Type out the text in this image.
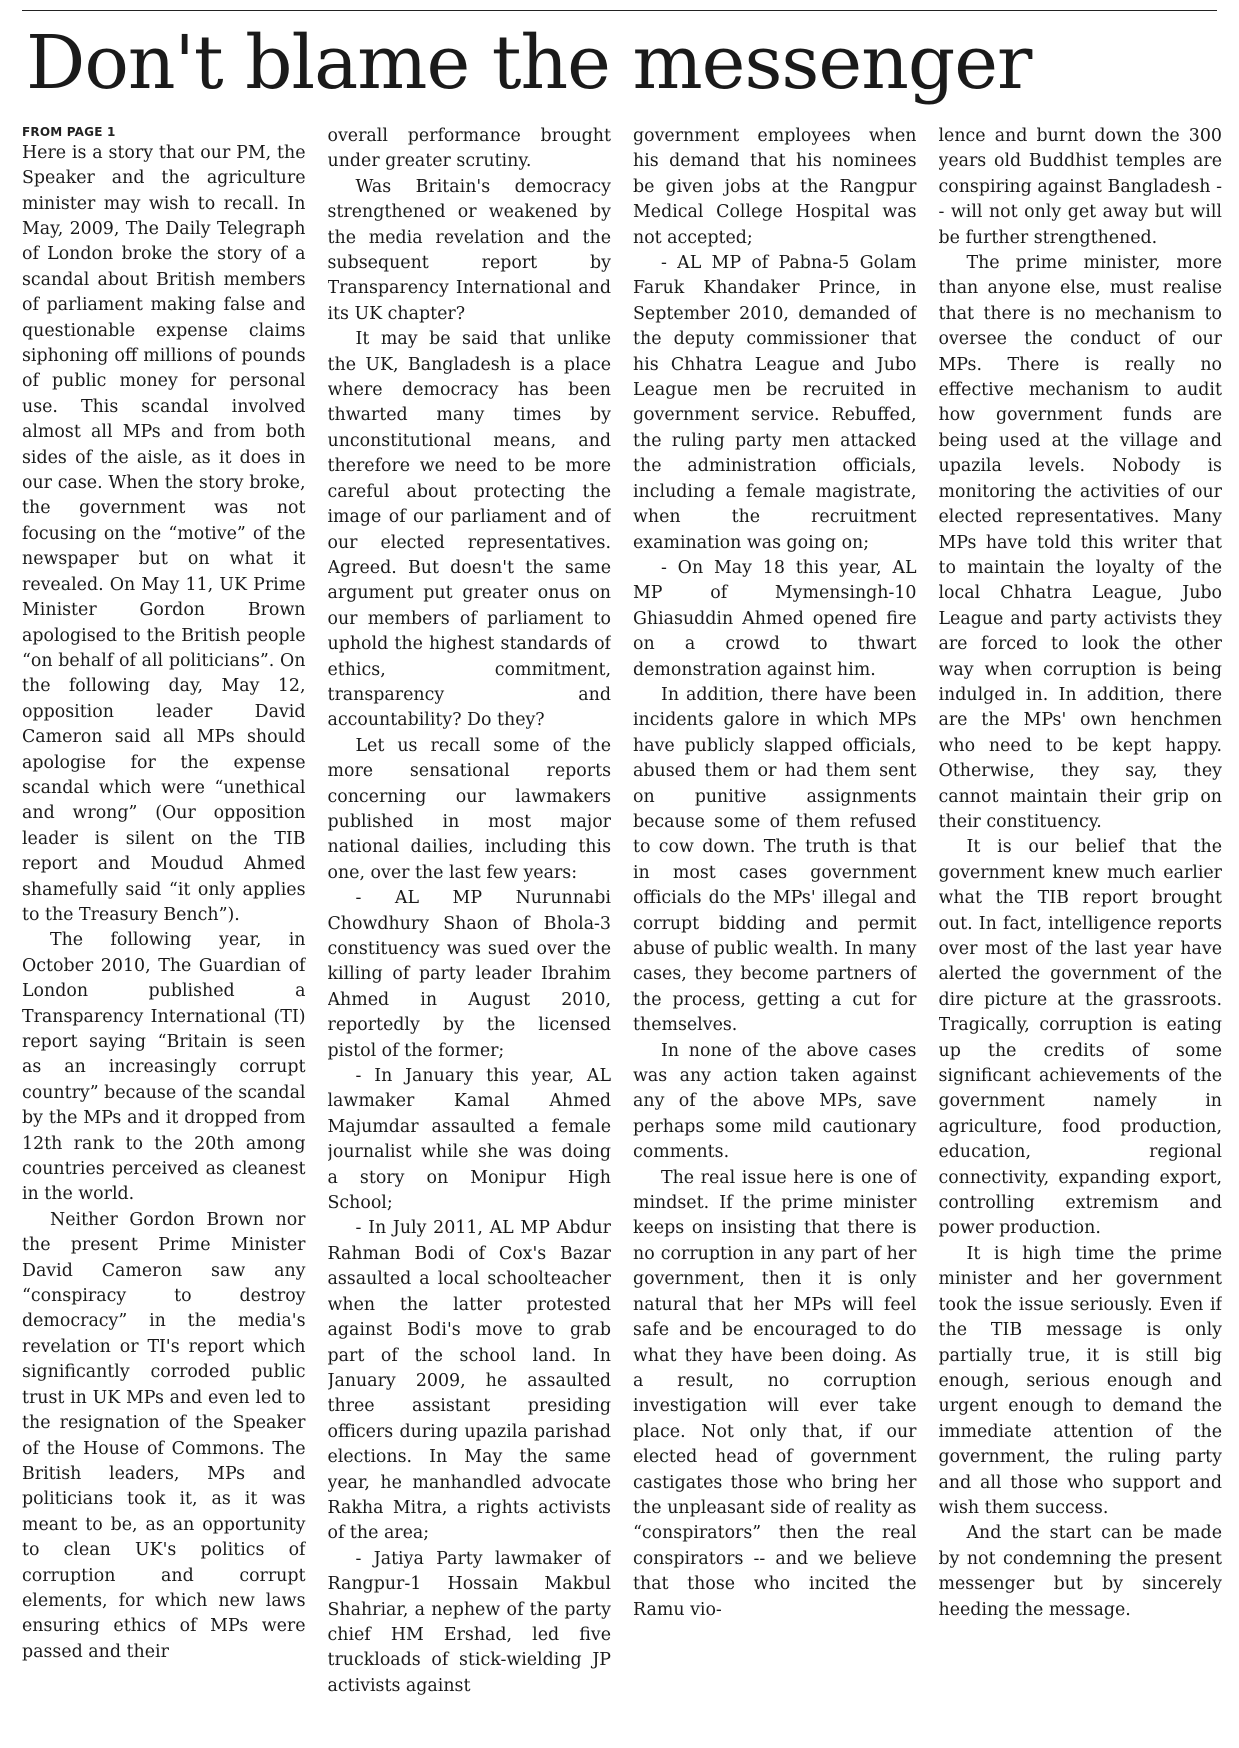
Don't blame the messenger
FROM PAGE 1

Here is a story that our PM, the Speaker and the agriculture minister may wish to recall. In May, 2009, The Daily Telegraph of London broke the story of a scandal about British members of parliament making false and questionable expense claims siphoning off millions of pounds of public money for personal use. This scandal involved almost all MPs and from both sides of the aisle, as it does in our case. When the story broke, the government was not focusing on the “motive” of the newspaper but on what it revealed. On May 11, UK Prime Minister Gordon Brown apologised to the British people “on behalf of all politicians”. On the following day, May 12, opposition leader David Cameron said all MPs should apologise for the expense scandal which were “unethical and wrong” (Our opposition leader is silent on the TIB report and Moudud Ahmed shamefully said “it only applies to the Treasury Bench”).

The following year, in October 2010, The Guardian of London published a Transparency International (TI) report saying “Britain is seen as an increasingly corrupt country” because of the scandal by the MPs and it dropped from 12th rank to the 20th among countries perceived as cleanest in the world.

Neither Gordon Brown nor the present Prime Minister David Cameron saw any “conspiracy to destroy democracy” in the media's revelation or TI's report which significantly corroded public trust in UK MPs and even led to the resignation of the Speaker of the House of Commons. The British leaders, MPs and politicians took it, as it was meant to be, as an opportunity to clean UK's politics of corruption and corrupt elements, for which new laws ensuring ethics of MPs were passed and their

overall performance brought under greater scrutiny.

Was Britain's democracy strengthened or weakened by the media revelation and the subsequent report by Transparency International and its UK chapter?

It may be said that unlike the UK, Bangladesh is a place where democracy has been thwarted many times by unconstitutional means, and therefore we need to be more careful about protecting the image of our parliament and of our elected representatives. Agreed. But doesn't the same argument put greater onus on our members of parliament to uphold the highest standards of ethics, commitment, transparency and accountability? Do they?

Let us recall some of the more sensational reports concerning our lawmakers published in most major national dailies, including this one, over the last few years:

- AL MP Nurunnabi Chowdhury Shaon of Bhola-3 constituency was sued over the killing of party leader Ibrahim Ahmed in August 2010, reportedly by the licensed pistol of the former;

- In January this year, AL lawmaker Kamal Ahmed Majumdar assaulted a female journalist while she was doing a story on Monipur High School;

- In July 2011, AL MP Abdur Rahman Bodi of Cox's Bazar assaulted a local schoolteacher when the latter protested against Bodi's move to grab part of the school land. In January 2009, he assaulted three assistant presiding officers during upazila parishad elections. In May the same year, he manhandled advocate Rakha Mitra, a rights activists of the area;

- Jatiya Party lawmaker of Rangpur-1 Hossain Makbul Shahriar, a nephew of the party chief HM Ershad, led five truckloads of stick-wielding JP activists against

government employees when his demand that his nominees be given jobs at the Rangpur Medical College Hospital was not accepted;

- AL MP of Pabna-5 Golam Faruk Khandaker Prince, in September 2010, demanded of the deputy commissioner that his Chhatra League and Jubo League men be recruited in government service. Rebuffed, the ruling party men attacked the administration officials, including a female magistrate, when the recruitment examination was going on;

- On May 18 this year, AL MP of Mymensingh-10 Ghiasuddin Ahmed opened fire on a crowd to thwart demonstration against him.

In addition, there have been incidents galore in which MPs have publicly slapped officials, abused them or had them sent on punitive assignments because some of them refused to cow down. The truth is that in most cases government officials do the MPs' illegal and corrupt bidding and permit abuse of public wealth. In many cases, they become partners of the process, getting a cut for themselves.

In none of the above cases was any action taken against any of the above MPs, save perhaps some mild cautionary comments.

The real issue here is one of mindset. If the prime minister keeps on insisting that there is no corruption in any part of her government, then it is only natural that her MPs will feel safe and be encouraged to do what they have been doing. As a result, no corruption investigation will ever take place. Not only that, if our elected head of government castigates those who bring her the unpleasant side of reality as “conspirators” then the real conspirators -- and we believe that those who incited the Ramu vio-

lence and burnt down the 300 years old Buddhist temples are conspiring against Bangladesh -- will not only get away but will be further strengthened.

The prime minister, more than anyone else, must realise that there is no mechanism to oversee the conduct of our MPs. There is really no effective mechanism to audit how government funds are being used at the village and upazila levels. Nobody is monitoring the activities of our elected representatives. Many MPs have told this writer that to maintain the loyalty of the local Chhatra League, Jubo League and party activists they are forced to look the other way when corruption is being indulged in. In addition, there are the MPs' own henchmen who need to be kept happy. Otherwise, they say, they cannot maintain their grip on their constituency.

It is our belief that the government knew much earlier what the TIB report brought out. In fact, intelligence reports over most of the last year have alerted the government of the dire picture at the grassroots. Tragically, corruption is eating up the credits of some significant achievements of the government namely in agriculture, food production, education, regional connectivity, expanding export, controlling extremism and power production.

It is high time the prime minister and her government took the issue seriously. Even if the TIB message is only partially true, it is still big enough, serious enough and urgent enough to demand the immediate attention of the government, the ruling party and all those who support and wish them success.

And the start can be made by not condemning the present messenger but by sincerely heeding the message.
